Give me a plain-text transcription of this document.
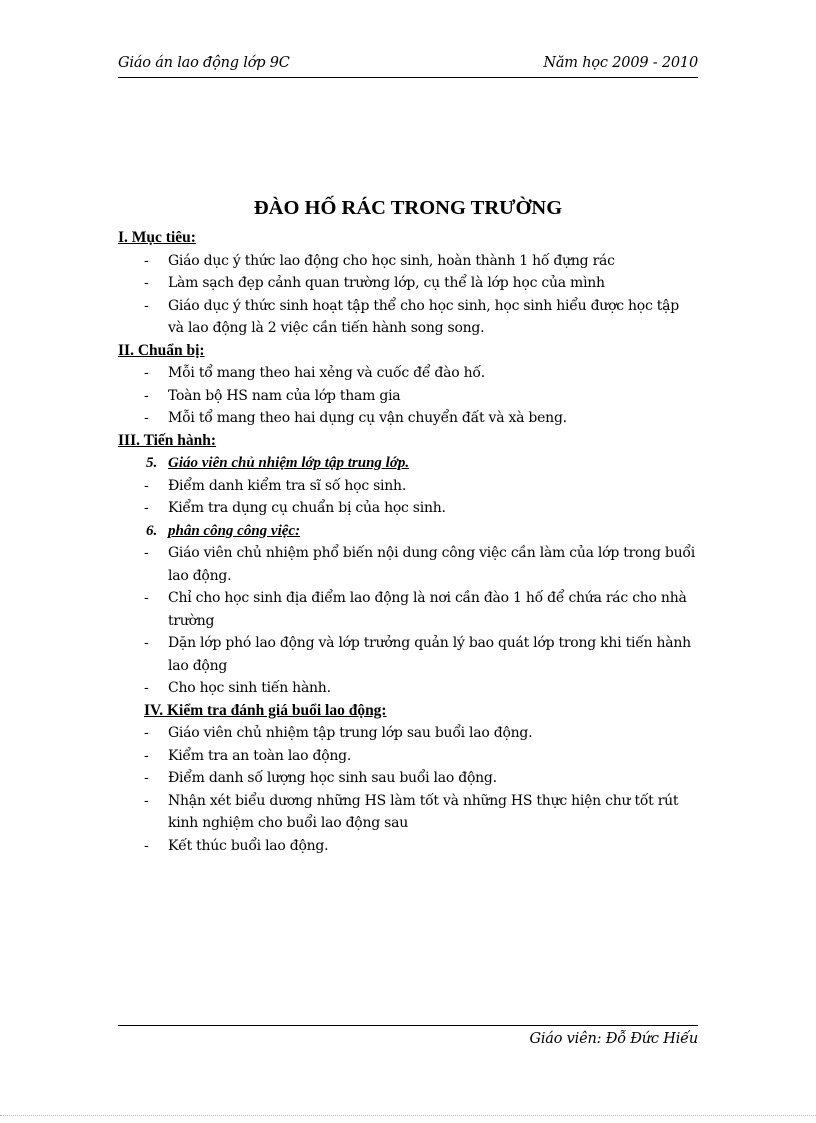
Giáo án lao động lớp 9C	Năm học 2009 - 2010
ĐÀO HỐ RÁC TRONG TRƯỜNG
I. Mục tiêu:
- Giáo dục ý thức lao động cho học sinh, hoàn thành 1 hố đựng rác
- Làm sạch đẹp cảnh quan trường lớp, cụ thể là lớp học của mình
- Giáo dục ý thức sinh hoạt tập thể cho học sinh, học sinh hiểu được học tập và lao động là 2 việc cần tiến hành song song.
II. Chuẩn bị:
- Mỗi tổ mang theo hai xẻng và cuốc để đào hố.
- Toàn bộ HS nam của lớp tham gia
- Mỗi tổ mang theo hai dụng cụ vận chuyển đất và xà beng.
III. Tiến hành:
5. Giáo viên chủ nhiệm lớp tập trung lớp.
- Điểm danh kiểm tra sĩ số học sinh.
- Kiểm tra dụng cụ chuẩn bị của học sinh.
6. phân công công việc:
- Giáo viên chủ nhiệm phổ biến nội dung công việc cần làm của lớp trong buổi lao động.
- Chỉ cho học sinh địa điểm lao động là nơi cần đào 1 hố để chứa rác cho nhà trường
- Dặn lớp phó lao động và lớp trưởng quản lý bao quát lớp trong khi tiến hành lao động
- Cho học sinh tiến hành.
IV. Kiểm tra đánh giá buổi lao động:
- Giáo viên chủ nhiệm tập trung lớp sau buổi lao động.
- Kiểm tra an toàn lao động.
- Điểm danh số lượng học sinh sau buổi lao động.
- Nhận xét biểu dương những HS làm tốt và những HS thực hiện chư tốt rút kinh nghiệm cho buổi lao động sau
- Kết thúc buổi lao động.
Giáo viên: Đỗ Đức Hiếu
